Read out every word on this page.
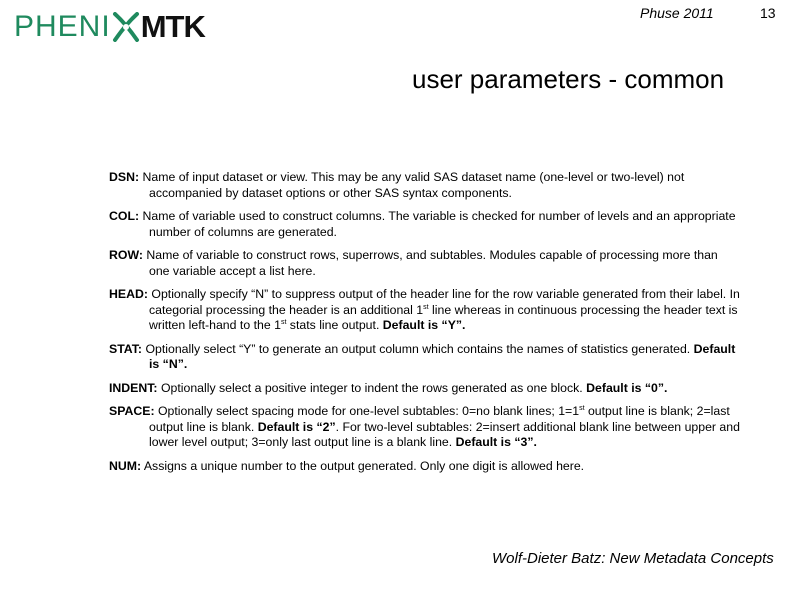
PHENI MTK	Phuse 2011	13
user parameters - common

DSN: Name of input dataset or view. This may be any valid SAS dataset name (one-level or two-level) not accompanied by dataset options or other SAS syntax components.

COL: Name of variable used to construct columns. The variable is checked for number of levels and an appropriate number of columns are generated.

ROW: Name of variable to construct rows, superrows, and subtables. Modules capable of processing more than one variable accept a list here.

HEAD: Optionally specify “N” to suppress output of the header line for the row variable generated from their label. In categorial processing the header is an additional 1st line whereas in continuous processing the header text is written left-hand to the 1st stats line output. Default is “Y”.

STAT: Optionally select “Y” to generate an output column which contains the names of statistics generated. Default is “N”.

INDENT: Optionally select a positive integer to indent the rows generated as one block. Default is “0”.

SPACE: Optionally select spacing mode for one-level subtables: 0=no blank lines; 1=1st output line is blank; 2=last output line is blank. Default is “2”. For two-level subtables: 2=insert additional blank line between upper and lower level output; 3=only last output line is a blank line. Default is “3”.

NUM: Assigns a unique number to the output generated. Only one digit is allowed here.

Wolf-Dieter Batz: New Metadata Concepts
